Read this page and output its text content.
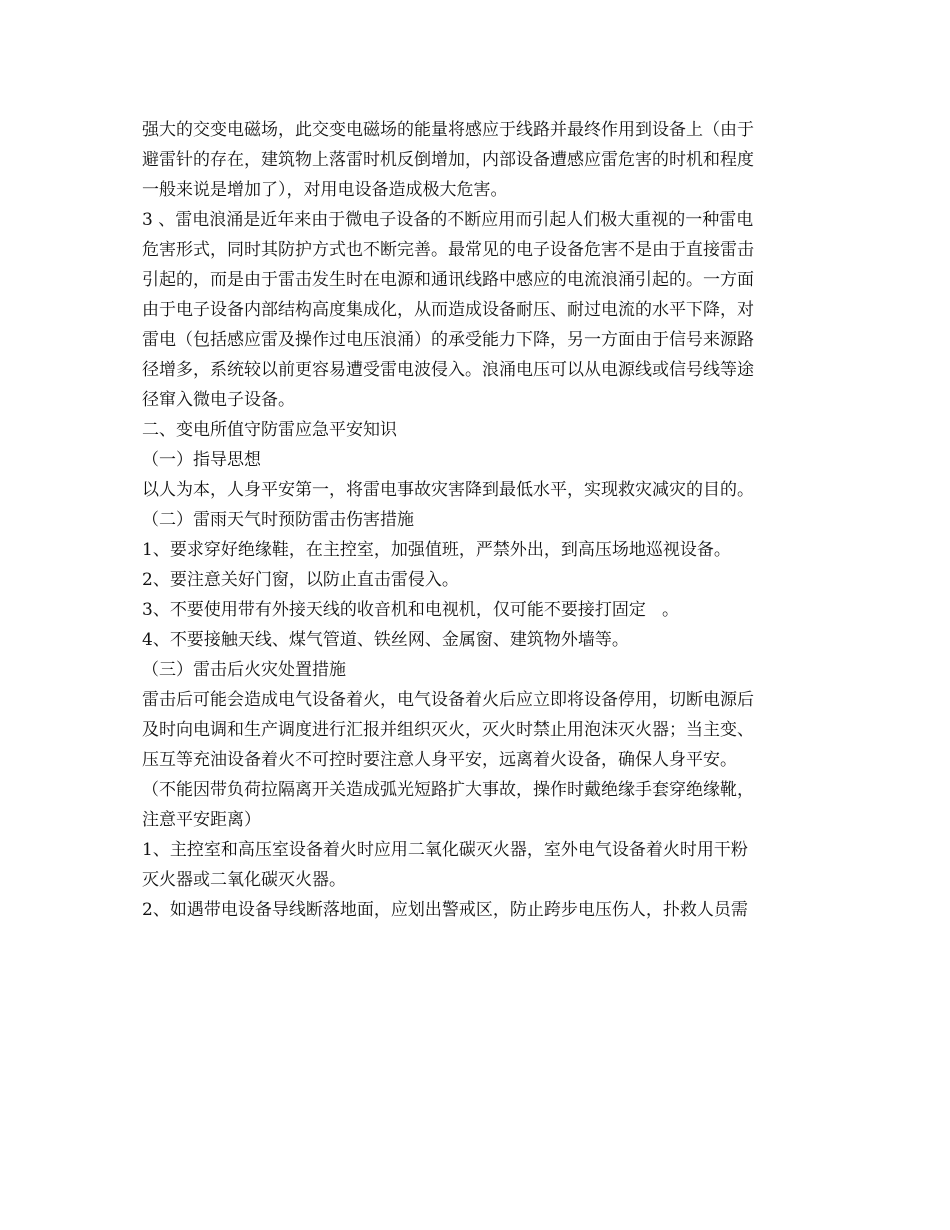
强大的交变电磁场，此交变电磁场的能量将感应于线路并最终作用到设备上（由于
避雷针的存在，建筑物上落雷时机反倒增加，内部设备遭感应雷危害的时机和程度
一般来说是增加了），对用电设备造成极大危害。
3 、雷电浪涌是近年来由于微电子设备的不断应用而引起人们极大重视的一种雷电
危害形式，同时其防护方式也不断完善。最常见的电子设备危害不是由于直接雷击
引起的，而是由于雷击发生时在电源和通讯线路中感应的电流浪涌引起的。一方面
由于电子设备内部结构高度集成化，从而造成设备耐压、耐过电流的水平下降，对
雷电（包括感应雷及操作过电压浪涌）的承受能力下降，另一方面由于信号来源路
径增多，系统较以前更容易遭受雷电波侵入。浪涌电压可以从电源线或信号线等途
径窜入微电子设备。
二、变电所值守防雷应急平安知识
（一）指导思想
以人为本，人身平安第一，将雷电事故灾害降到最低水平，实现救灾减灾的目的。
（二）雷雨天气时预防雷击伤害措施
1、要求穿好绝缘鞋，在主控室，加强值班，严禁外出，到高压场地巡视设备。
2、要注意关好门窗，以防止直击雷侵入。
3、不要使用带有外接天线的收音机和电视机，仅可能不要接打固定   。
4、不要接触天线、煤气管道、铁丝网、金属窗、建筑物外墙等。
（三）雷击后火灾处置措施
雷击后可能会造成电气设备着火，电气设备着火后应立即将设备停用，切断电源后
及时向电调和生产调度进行汇报并组织灭火，灭火时禁止用泡沫灭火器；当主变、
压互等充油设备着火不可控时要注意人身平安，远离着火设备，确保人身平安。
（不能因带负荷拉隔离开关造成弧光短路扩大事故，操作时戴绝缘手套穿绝缘靴，
注意平安距离）
1、主控室和高压室设备着火时应用二氧化碳灭火器，室外电气设备着火时用干粉
灭火器或二氧化碳灭火器。
2、如遇带电设备导线断落地面，应划出警戒区，防止跨步电压伤人，扑救人员需
